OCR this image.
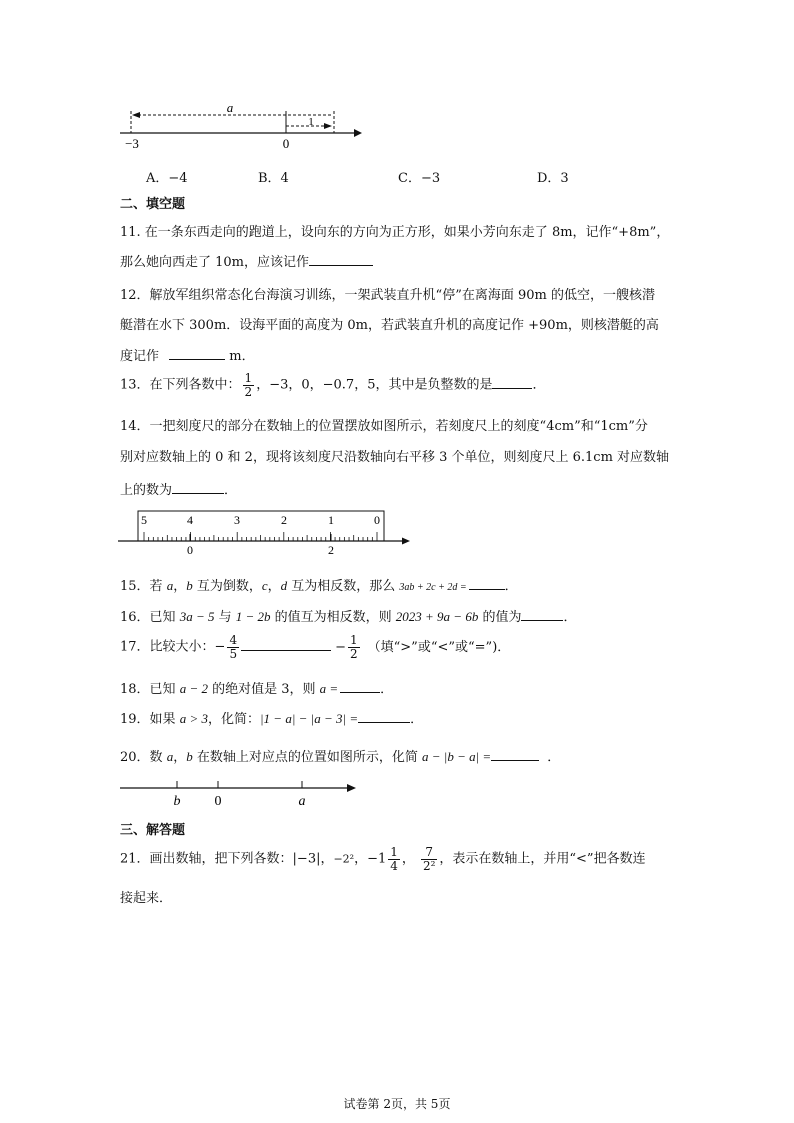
a
1
−3	0
A．−4	B．4	C．−3	D．3
二、填空题
11. 在一条东西走向的跑道上，设向东的方向为正方形，如果小芳向东走了 8m，记作“+8m”，
那么她向西走了 10m，应该记作
12．解放军组织常态化台海演习训练，一架武装直升机“停”在离海面 90m 的低空，一艘核潜
艇潜在水下 300m．设海平面的高度为 0m，若武装直升机的高度记作 +90m，则核潜艇的高
度记作	m．
13．在下列各数中： $\frac{1}{2}$ ，−3，0，−0.7，5，其中是负整数的是	．
14．一把刻度尺的部分在数轴上的位置摆放如图所示，若刻度尺上的刻度“4cm”和“1cm”分
别对应数轴上的 0 和 2，现将该刻度尺沿数轴向右平移 3 个单位，则刻度尺上 6.1cm 对应数轴
上的数为	．
5	4	3	2	1	0
0	2
15．若 a，b 互为倒数，c，d 互为相反数，那么 3ab + 2c + 2d =	．
16．已知 3a − 5 与 1 − 2b 的值互为相反数，则 2023 + 9a − 6b 的值为	．
17．比较大小：− $\frac{4}{5}$	− $\frac{1}{2}$ （填“>”或“<”或“=”)．
18．已知 a − 2 的绝对值是 3，则 a =	．
19．如果 a > 3，化简：|1 − a| − |a − 3| =	．
20．数 a，b 在数轴上对应点的位置如图所示，化简 a − |b − a| =	．
b 0	a
三、解答题
21．画出数轴，把下列各数：|−3|，−2²，$-1 \frac{1}{4}$ ， $\frac{7}{\text{2²}}$ ，表示在数轴上，并用“<”把各数连
接起来．
试卷第 2页，共 5页
